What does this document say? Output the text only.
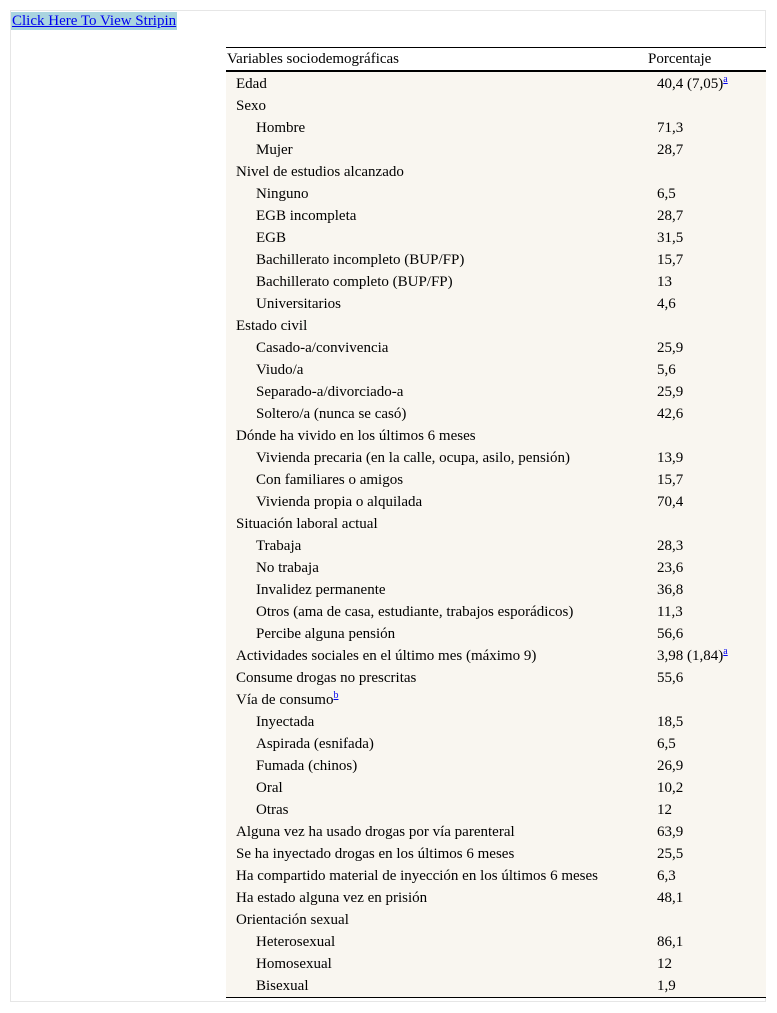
Click Here To View Stripin
Variables sociodemográficas	Porcentaje
Edad	40,4 (7,05)$^a$
Sexo
Hombre	71,3
Mujer	28,7
Nivel de estudios alcanzado
Ninguno	6,5
EGB incompleta	28,7
EGB	31,5
Bachillerato incompleto (BUP/FP)	15,7
Bachillerato completo (BUP/FP)	13
Universitarios	4,6
Estado civil
Casado-a/convivencia	25,9
Viudo/a	5,6
Separado-a/divorciado-a	25,9
Soltero/a (nunca se casó)	42,6
Dónde ha vivido en los últimos 6 meses
Vivienda precaria (en la calle, ocupa, asilo, pensión)	13,9
Con familiares o amigos	15,7
Vivienda propia o alquilada	70,4
Situación laboral actual
Trabaja	28,3
No trabaja	23,6
Invalidez permanente	36,8
Otros (ama de casa, estudiante, trabajos esporádicos)	11,3
Percibe alguna pensión	56,6
Actividades sociales en el último mes (máximo 9)	3,98 (1,84)$^a$
Consume drogas no prescritas	55,6
Vía de consumo$^b$
Inyectada	18,5
Aspirada (esnifada)	6,5
Fumada (chinos)	26,9
Oral	10,2
Otras	12
Alguna vez ha usado drogas por vía parenteral	63,9
Se ha inyectado drogas en los últimos 6 meses	25,5
Ha compartido material de inyección en los últimos 6 meses	6,3
Ha estado alguna vez en prisión	48,1
Orientación sexual
Heterosexual	86,1
Homosexual	12
Bisexual	1,9
